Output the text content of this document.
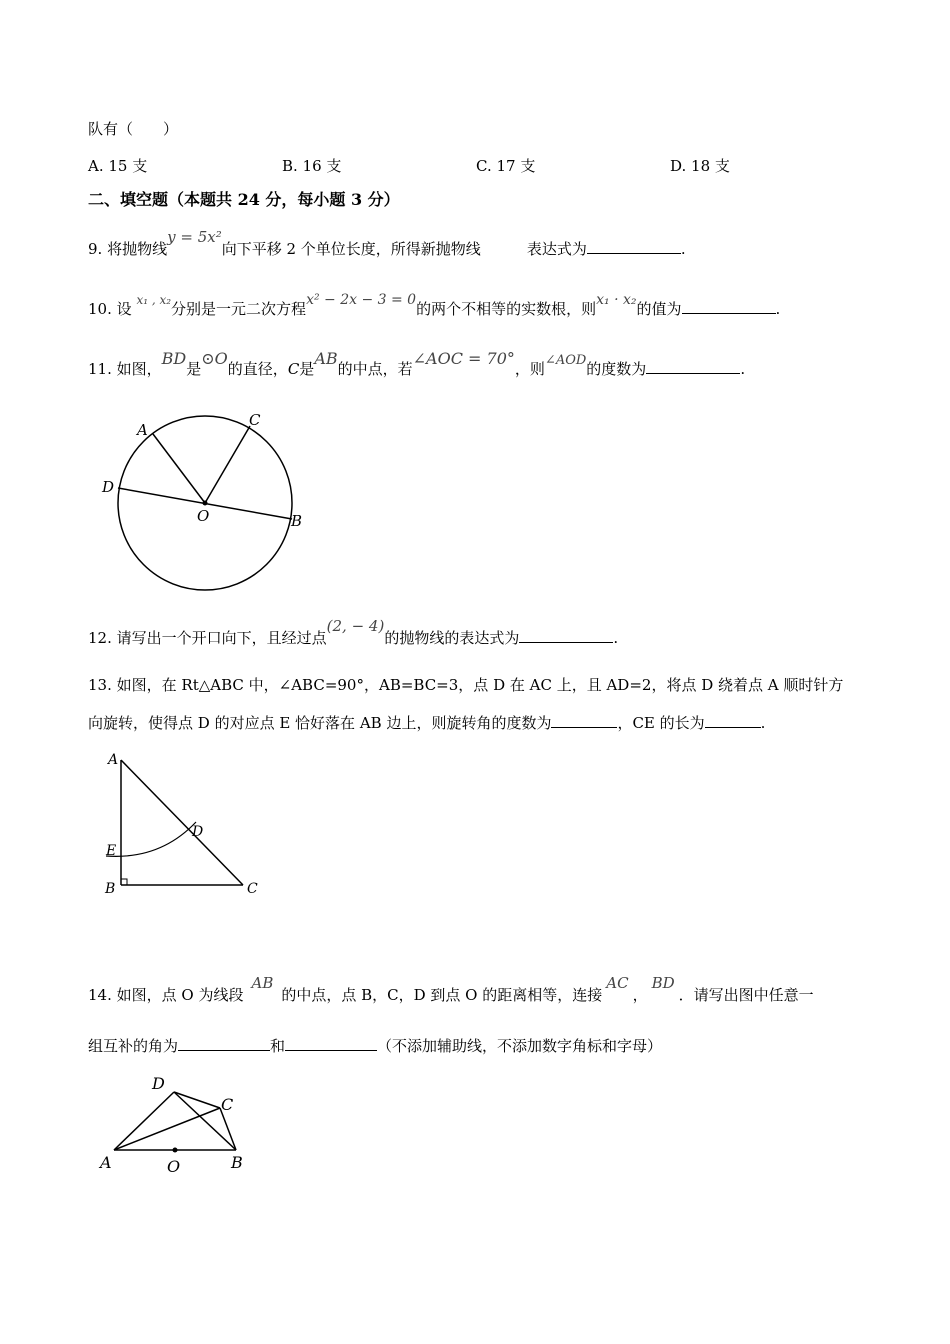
队有（　　）
A. 15 支	B. 16 支	C. 17 支	D. 18 支
二、填空题（本题共 24 分，每小题 3 分）
9. 将抛物线y = 5x²向下平移 2 个单位长度，所得新抛物线	表达式为	.
10. 设 $^{x_1 , x_2}$分别是一元二次方程x² − 2x − 3 = 0的两个不相等的实数根，则x₁ · x₂的值为	.
11. 如图，BD是⊙O的直径，C是AB的中点，若∠AOC = 70°，则∠AOD的度数为	.
A
C
D
O	B
12. 请写出一个开口向下，且经过点(2, − 4)的抛物线的表达式为	.
13. 如图，在 Rt△ABC 中，∠ABC=90°，AB=BC=3，点 D 在 AC 上，且 AD=2，将点 D 绕着点 A 顺时针方
向旋转，使得点 D 的对应点 E 恰好落在 AB 边上，则旋转角的度数为	，CE 的长为	.
A
E
B
D
C
14. 如图，点 O 为线段AB的中点，点 B，C，D 到点 O 的距离相等，连接AC，BD．请写出图中任意一
组互补的角为	和	（不添加辅助线，不添加数字角标和字母）
D
C
A	O	B
